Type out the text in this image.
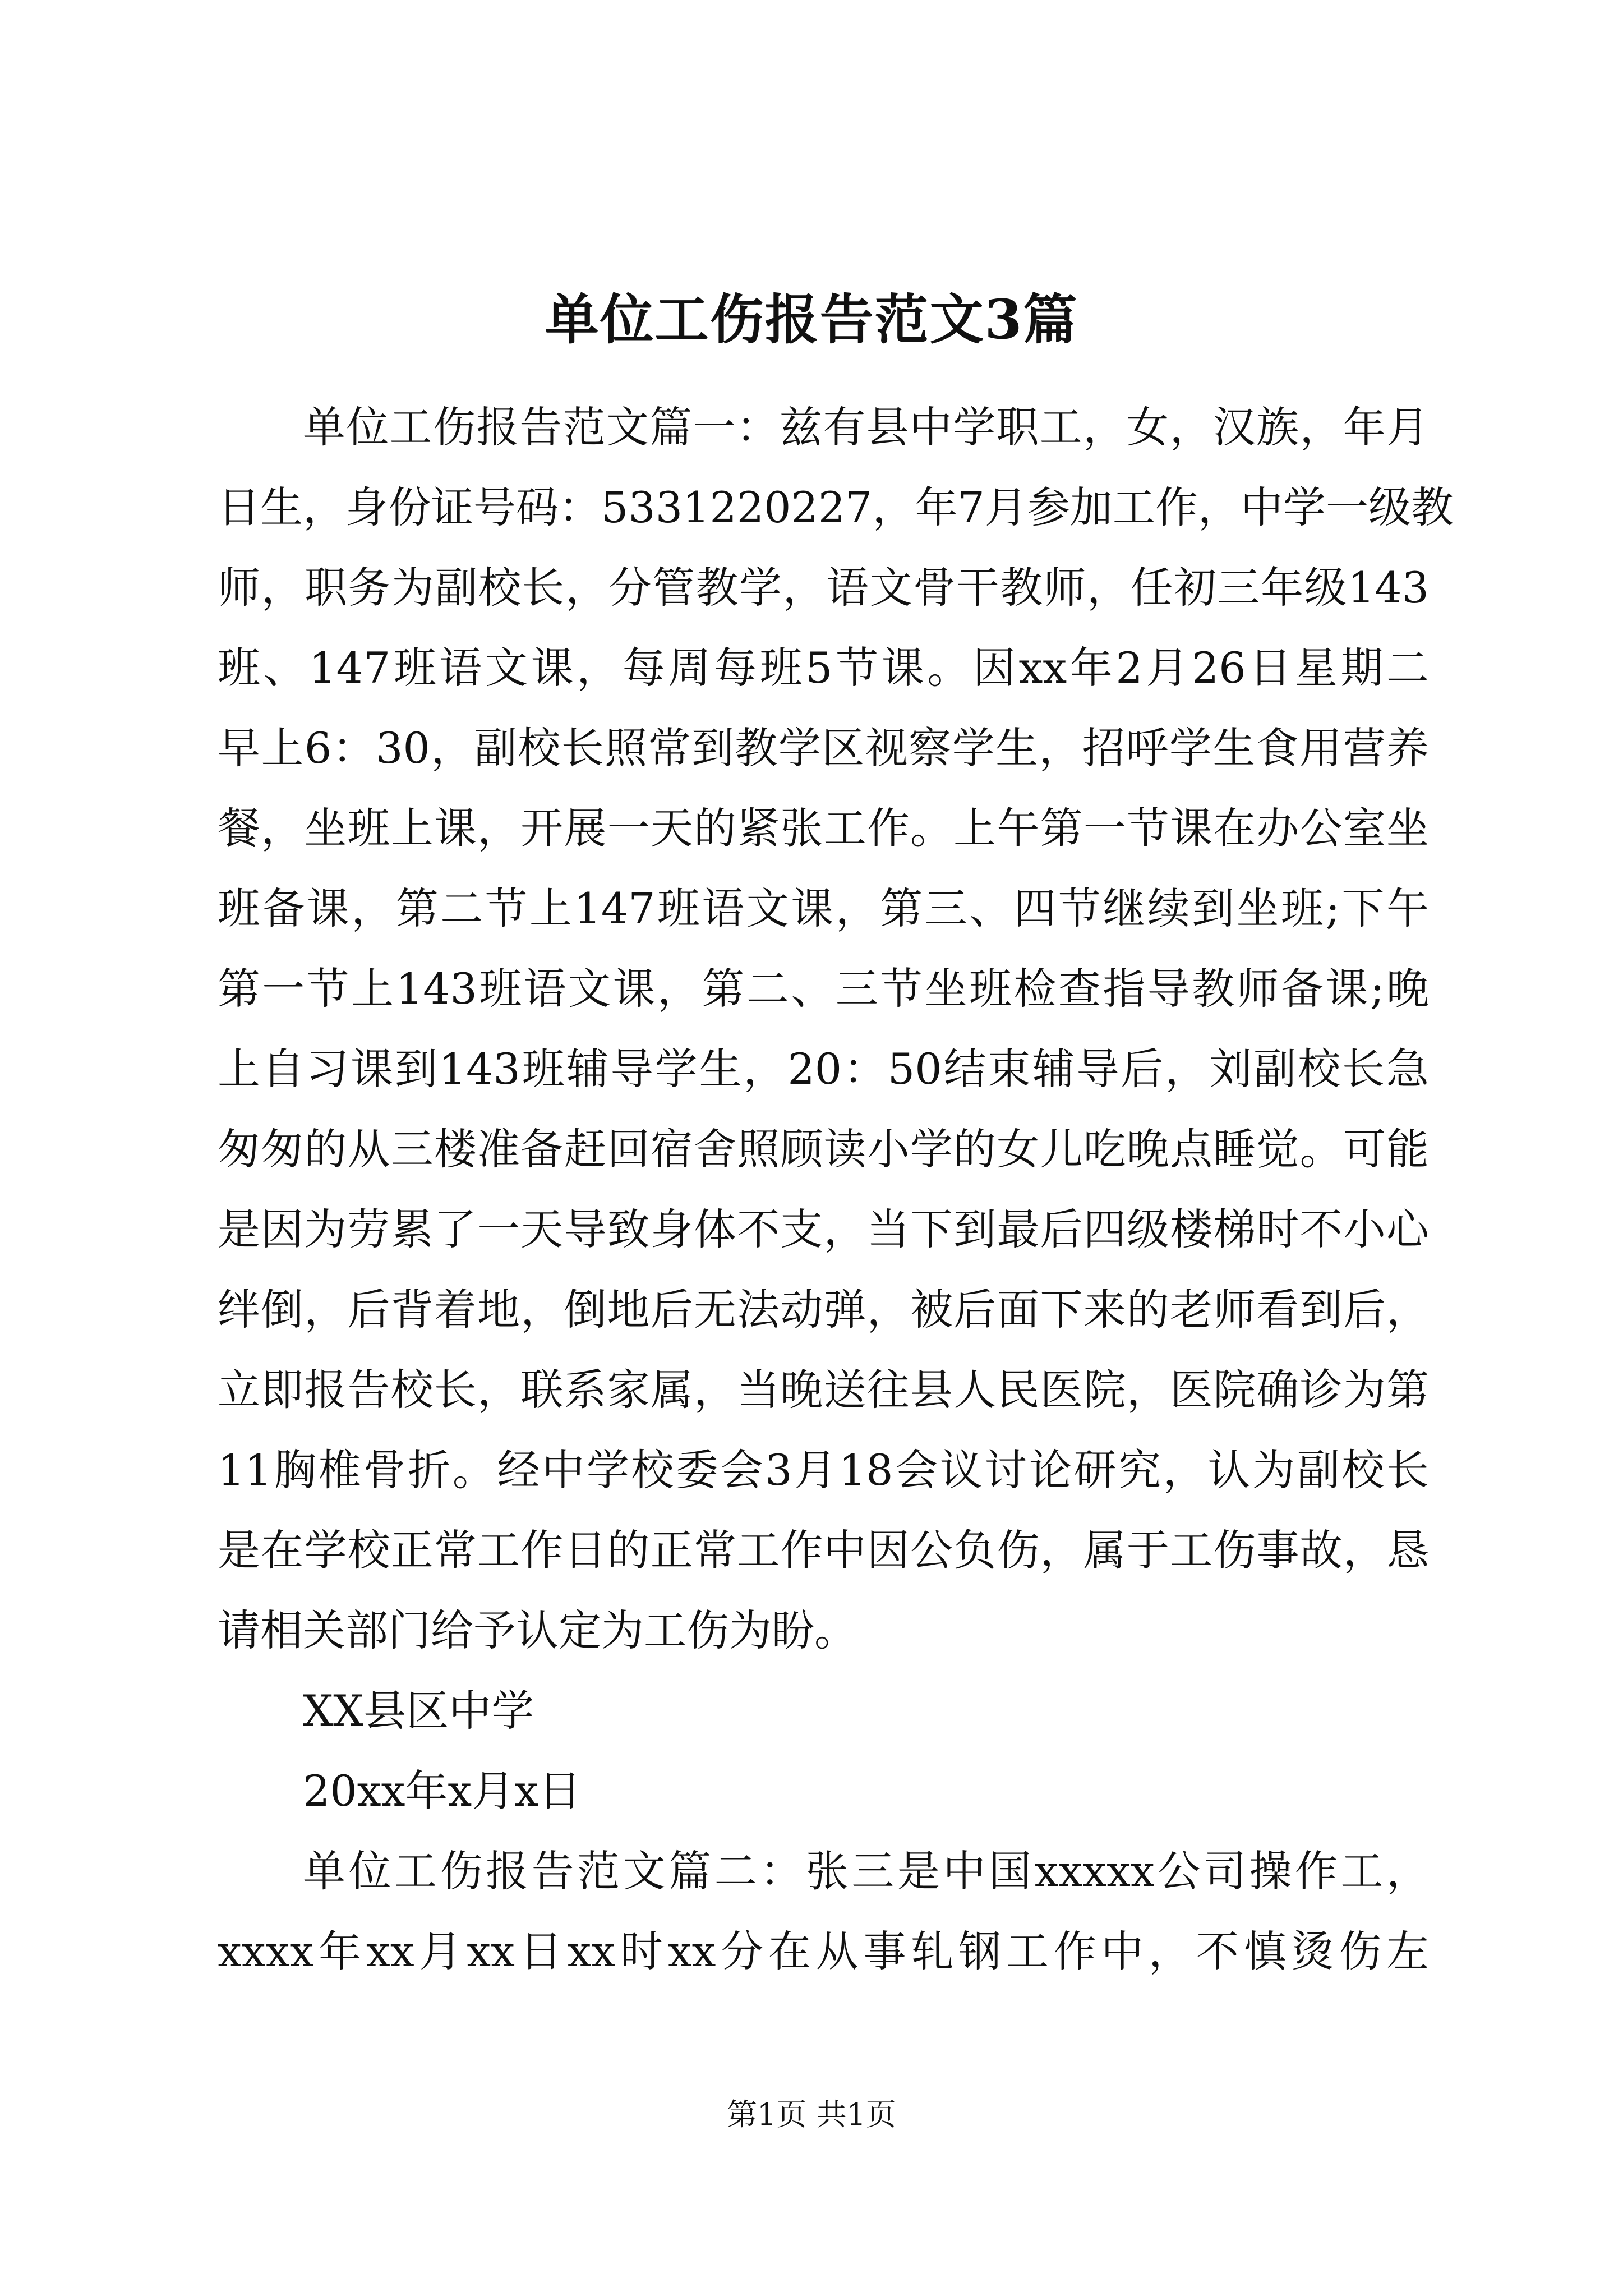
单位工伤报告范文3篇
单位工伤报告范文篇一：兹有县中学职工，女，汉族，年月
日生，身份证号码：5331220227，年7月参加工作，中学一级教
师，职务为副校长，分管教学，语文骨干教师，任初三年级143
班、147班语文课，每周每班5节课。因xx年2月26日星期二
早上6：30，副校长照常到教学区视察学生，招呼学生食用营养
餐，坐班上课，开展一天的紧张工作。上午第一节课在办公室坐
班备课，第二节上147班语文课，第三、四节继续到坐班;下午
第一节上143班语文课，第二、三节坐班检查指导教师备课;晚
上自习课到143班辅导学生，20：50结束辅导后，刘副校长急
匆匆的从三楼准备赶回宿舍照顾读小学的女儿吃晚点睡觉。可能
是因为劳累了一天导致身体不支，当下到最后四级楼梯时不小心
绊倒，后背着地，倒地后无法动弹，被后面下来的老师看到后，
立即报告校长，联系家属，当晚送往县人民医院，医院确诊为第
11胸椎骨折。经中学校委会3月18会议讨论研究，认为副校长
是在学校正常工作日的正常工作中因公负伤，属于工伤事故，恳
请相关部门给予认定为工伤为盼。
XX县区中学
20xx年x月x日
单位工伤报告范文篇二：张三是中国xxxxx公司操作工，
xxxx年xx月xx日xx时xx分在从事轧钢工作中，不慎烫伤左
第1页 共1页
